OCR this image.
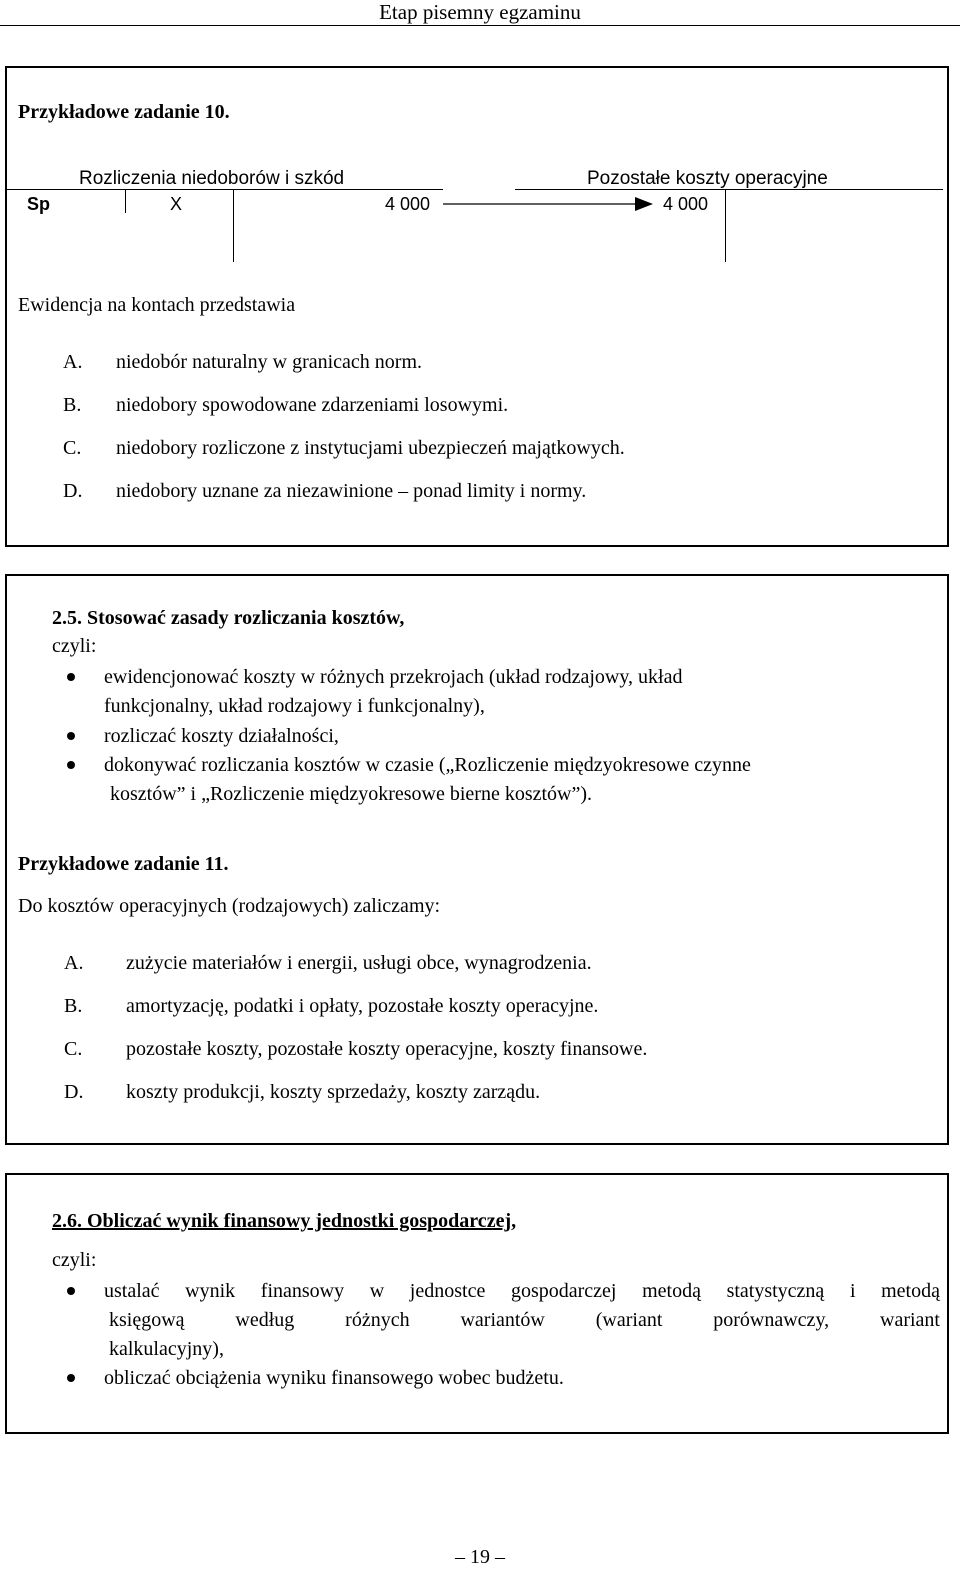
Etap pisemny egzaminu
Przykładowe zadanie 10.
Rozliczenia niedoborów i szkód	Pozostałe koszty operacyjne
Sp	X	4 000	4 000
Ewidencja na kontach przedstawia
A. niedobór naturalny w granicach norm.
B. niedobory spowodowane zdarzeniami losowymi.
C. niedobory rozliczone z instytucjami ubezpieczeń majątkowych.
D. niedobory uznane za niezawinione – ponad limity i normy.
2.5. Stosować zasady rozliczania kosztów,
czyli:
ewidencjonować koszty w różnych przekrojach (układ rodzajowy, układ
funkcjonalny, układ rodzajowy i funkcjonalny),
rozliczać koszty działalności,
dokonywać rozliczania kosztów w czasie („Rozliczenie międzyokresowe czynne
kosztów” i „Rozliczenie międzyokresowe bierne kosztów”).
Przykładowe zadanie 11.
Do kosztów operacyjnych (rodzajowych) zaliczamy:
A. zużycie materiałów i energii, usługi obce, wynagrodzenia.
B. amortyzację, podatki i opłaty, pozostałe koszty operacyjne.
C. pozostałe koszty, pozostałe koszty operacyjne, koszty finansowe.
D. koszty produkcji, koszty sprzedaży, koszty zarządu.
2.6. Obliczać wynik finansowy jednostki gospodarczej,
czyli:
ustalać wynik finansowy w jednostce gospodarczej metodą statystyczną i metodą
księgową według różnych wariantów (wariant porównawczy, wariant
kalkulacyjny),
obliczać obciążenia wyniku finansowego wobec budżetu.
– 19 –
